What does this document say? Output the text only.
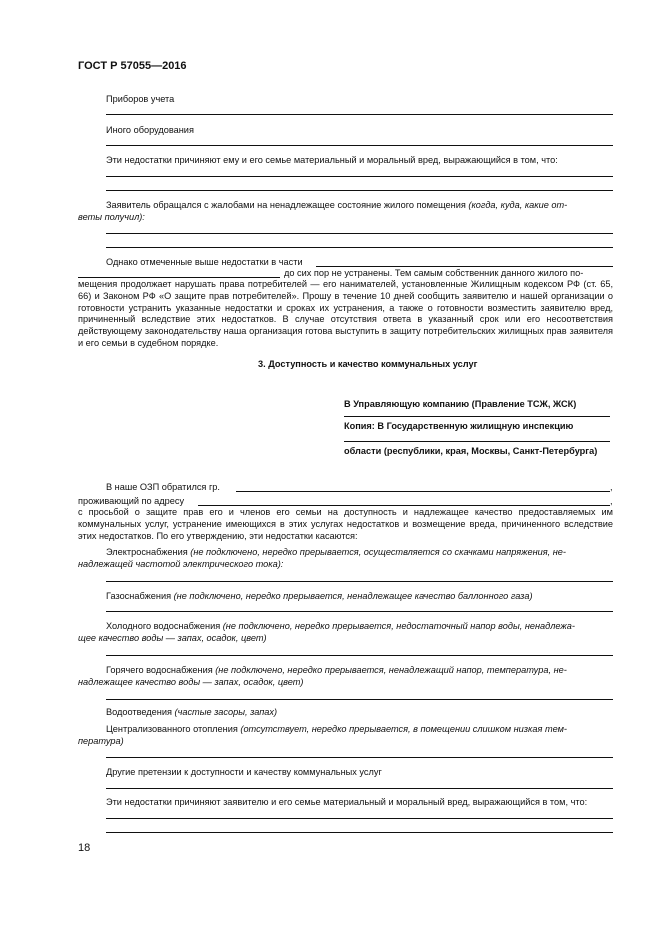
ГОСТ Р 57055—2016
Приборов учета
Иного оборудования
Эти недостатки причиняют ему и его семье материальный и моральный вред, выражающийся в том, что:
Заявитель обращался с жалобами на ненадлежащее состояние жилого помещения (когда, куда, какие от-
веты получил):
Однако отмеченные выше недостатки в части
до сих пор не устранены. Тем самым собственник данного жилого по-
мещения продолжает нарушать права потребителей — его нанимателей, установленные Жилищным кодексом РФ (ст. 65, 66) и Законом РФ «О защите прав потребителей». Прошу в течение 10 дней сообщить заявителю и нашей организации о готовности устранить указанные недостатки и сроках их устранения, а также о готовности возместить заявителю вред, причиненный вследствие этих недостатков. В случае отсутствия ответа в указанный срок или его несоответствия действующему законодательству наша организация готова выступить в защиту потребительских жилищных прав заявителя и его семьи в судебном порядке.
3. Доступность и качество коммунальных услуг
В Управляющую компанию (Правление ТСЖ, ЖСК)
Копия: В Государственную жилищную инспекцию
области (республики, края, Москвы, Санкт-Петербурга)
В наше ОЗП обратился гр.	,
проживающий по адресу	,
с просьбой о защите прав его и членов его семьи на доступность и надлежащее качество предоставляемых им коммунальных услуг, устранение имеющихся в этих услугах недостатков и возмещение вреда, причиненного вследствие этих недостатков. По его утверждению, эти недостатки касаются:
Электроснабжения (не подключено, нередко прерывается, осуществляется со скачками напряжения, не-
надлежащей частотой электрического тока):
Газоснабжения (не подключено, нередко прерывается, ненадлежащее качество баллонного газа)
Холодного водоснабжения (не подключено, нередко прерывается, недостаточный напор воды, ненадлежа-
щее качество воды — запах, осадок, цвет)
Горячего водоснабжения (не подключено, нередко прерывается, ненадлежащий напор, температура, не-
надлежащее качество воды — запах, осадок, цвет)
Водоотведения (частые засоры, запах)
Централизованного отопления (отсутствует, нередко прерывается, в помещении слишком низкая тем-
пература)
Другие претензии к доступности и качеству коммунальных услуг
Эти недостатки причиняют заявителю и его семье материальный и моральный вред, выражающийся в том, что:
18
